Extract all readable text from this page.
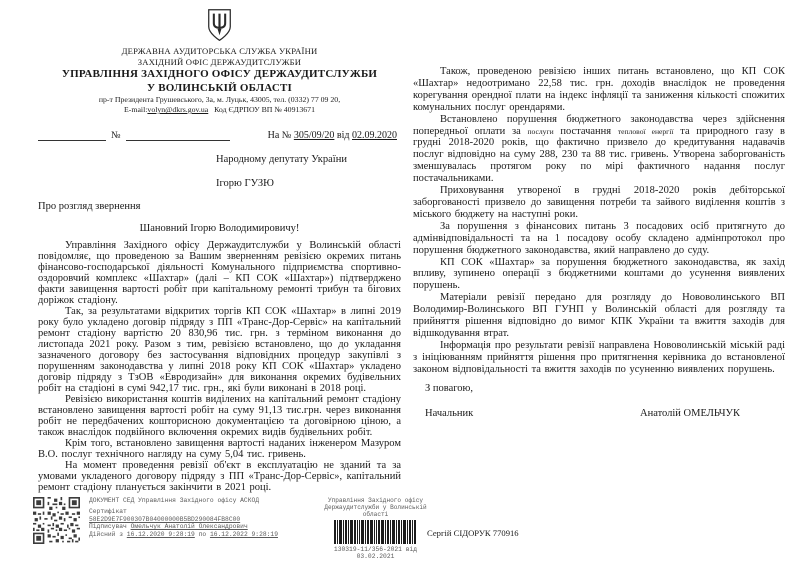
ДЕРЖАВНА АУДИТОРСЬКА СЛУЖБА УКРАЇНИ
ЗАХІДНИЙ ОФІС ДЕРЖАУДИТСЛУЖБИ
УПРАВЛІННЯ ЗАХІДНОГО ОФІСУ ДЕРЖАУДИТСЛУЖБИ
У ВОЛИНСЬКІЙ ОБЛАСТІ
пр-т Президента Грушевського, 3а, м. Луцьк, 43005, тел. (0332) 77 09 20,
E-mail:volyn@dkrs.gov.ua Код ЄДРПОУ ВП № 40913671
№	На № 305/09/20 від 02.09.2020
Народному депутату України
Ігорю ГУЗЮ
Про розгляд звернення
Шановний Ігорю Володимировичу!

Управління Західного офісу Держаудитслужби у Волинській області повідомляє, що проведеною за Вашим зверненням ревізією окремих питань фінансово-господарської діяльності Комунального підприємства спортивно-оздоровчий комплекс «Шахтар» (далі – КП СОК «Шахтар») підтверджено факти завищення вартості робіт при капітальному ремонті трибун та бігових доріжок стадіону.

Так, за результатами відкритих торгів КП СОК «Шахтар» в липні 2019 року було укладено договір підряду з ПП «Транс-Дор-Сервіс» на капітальний ремонт стадіону вартістю 20 830,96 тис. грн. з терміном виконання до листопада 2021 року. Разом з тим, ревізією встановлено, що до укладання зазначеного договору без застосування відповідних процедур закупівлі з порушенням законодавства у липні 2018 року КП СОК «Шахтар» укладено договір підряду з ТзОВ «Евродизайн» для виконання окремих будівельних робіт на стадіоні в сумі 942,17 тис. грн., які були виконані в 2018 році.

Ревізією використання коштів виділених на капітальний ремонт стадіону встановлено завищення вартості робіт на суму 91,13 тис.грн. через виконання робіт не передбачених кошторисною документацією та договірною ціною, а також внаслідок подвійного включення окремих видів будівельних робіт.

Крім того, встановлено завищення вартості наданих інженером Мазуром В.О. послуг технічного нагляду на суму 5,04 тис. гривень.

На момент проведення ревізії об'єкт в експлуатацію не зданий та за умовами укладеного договору підряду з ПП «Транс-Дор-Сервіс», капітальний ремонт стадіону планується закінчити в 2021 році.

Також, проведеною ревізією інших питань встановлено, що КП СОК «Шахтар» недоотримано 22,58 тис. грн. доходів внаслідок не проведення корегування орендної плати на індекс інфляції та заниження кількості спожитих комунальних послуг орендарями.

Встановлено порушення бюджетного законодавства через здійснення попередньої оплати за послуги постачання теплової енергії та природного газу в грудні 2018-2020 років, що фактично призвело до кредитування надавачів послуг відповідно на суму 288, 230 та 88 тис. гривень. Утворена заборгованість зменшувалась протягом року по мірі фактичного надання послуг постачальниками.

Приховування утвореної в грудні 2018-2020 років дебіторської заборгованості призвело до завищення потреби та зайвого виділення коштів з міського бюджету на наступні роки.

За порушення з фінансових питань 3 посадових осіб притягнуто до адмінвідповідальності та на 1 посадову особу складено адмінпротокол про порушення бюджетного законодавства, який направлено до суду.

КП СОК «Шахтар» за порушення бюджетного законодавства, як захід впливу, зупинено операції з бюджетними коштами до усунення виявлених порушень.

Матеріали ревізії передано для розгляду до Нововолинського ВП Володимир-Волинського ВП ГУНП у Волинській області для розгляду та прийняття рішення відповідно до вимог КПК України та вжиття заходів для відшкодування втрат.

Інформація про результати ревізії направлена Нововолинській міській раді з ініціюванням прийняття рішення про притягнення керівника до встановленої законом відповідальності та вжиття заходів по усуненню виявлених порушень.

З повагою,
Начальник	Анатолій ОМЕЛЬЧУК
Сергій СІДОРУК 770916
ДОКУМЕНТ СЕД Управління Західного офісу АСКОД
Сертифікат
58E2D9E7F900307B04000000B5BD290084FB8C00
Підписувач Омельчук Анатолій Олександрович
Дійсний з 16.12.2020 9:28:19 по 16.12.2022 9:28:19
Управління Західного офісу
Держаудитслужби у Волинській
області
130319-11/356-2021 від
03.02.2021
